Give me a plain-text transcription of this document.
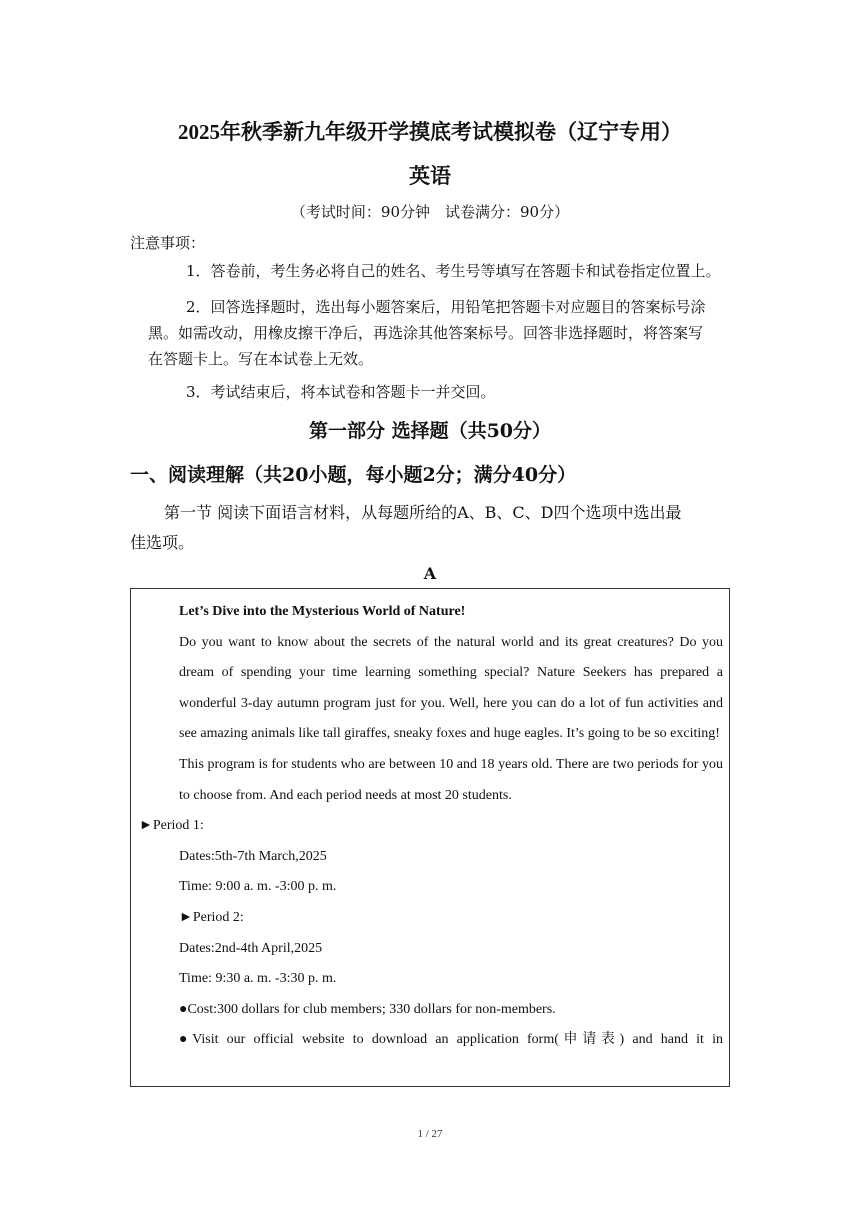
2025年秋季新九年级开学摸底考试模拟卷（辽宁专用）
英语
（考试时间：90分钟　试卷满分：90分）
注意事项：
1．答卷前，考生务必将自己的姓名、考生号等填写在答题卡和试卷指定位置上。
2．回答选择题时，选出每小题答案后，用铅笔把答题卡对应题目的答案标号涂
黑。如需改动，用橡皮擦干净后，再选涂其他答案标号。回答非选择题时，将答案写
在答题卡上。写在本试卷上无效。
3．考试结束后，将本试卷和答题卡一并交回。
第一部分 选择题（共50分）
一、阅读理解（共20小题，每小题2分；满分40分）
第一节 阅读下面语言材料，从每题所给的A、B、C、D四个选项中选出最
佳选项。
A

Let’s Dive into the Mysterious World of Nature!

Do you want to know about the secrets of the natural world and its great creatures? Do you dream of spending your time learning something special? Nature Seekers has prepared a wonderful 3-day autumn program just for you. Well, here you can do a lot of fun activities and see amazing animals like tall giraffes, sneaky foxes and huge eagles. It’s going to be so exciting!

This program is for students who are between 10 and 18 years old. There are two periods for you to choose from. And each period needs at most 20 students.

►Period 1:

Dates:5th-7th March,2025

Time: 9:00 a. m. -3:00 p. m.

►Period 2:

Dates:2nd-4th April,2025

Time: 9:30 a. m. -3:30 p. m.

●Cost:300 dollars for club members; 330 dollars for non-members.

●Visit our official website to download an application form(申请表) and hand it in

1 / 27
